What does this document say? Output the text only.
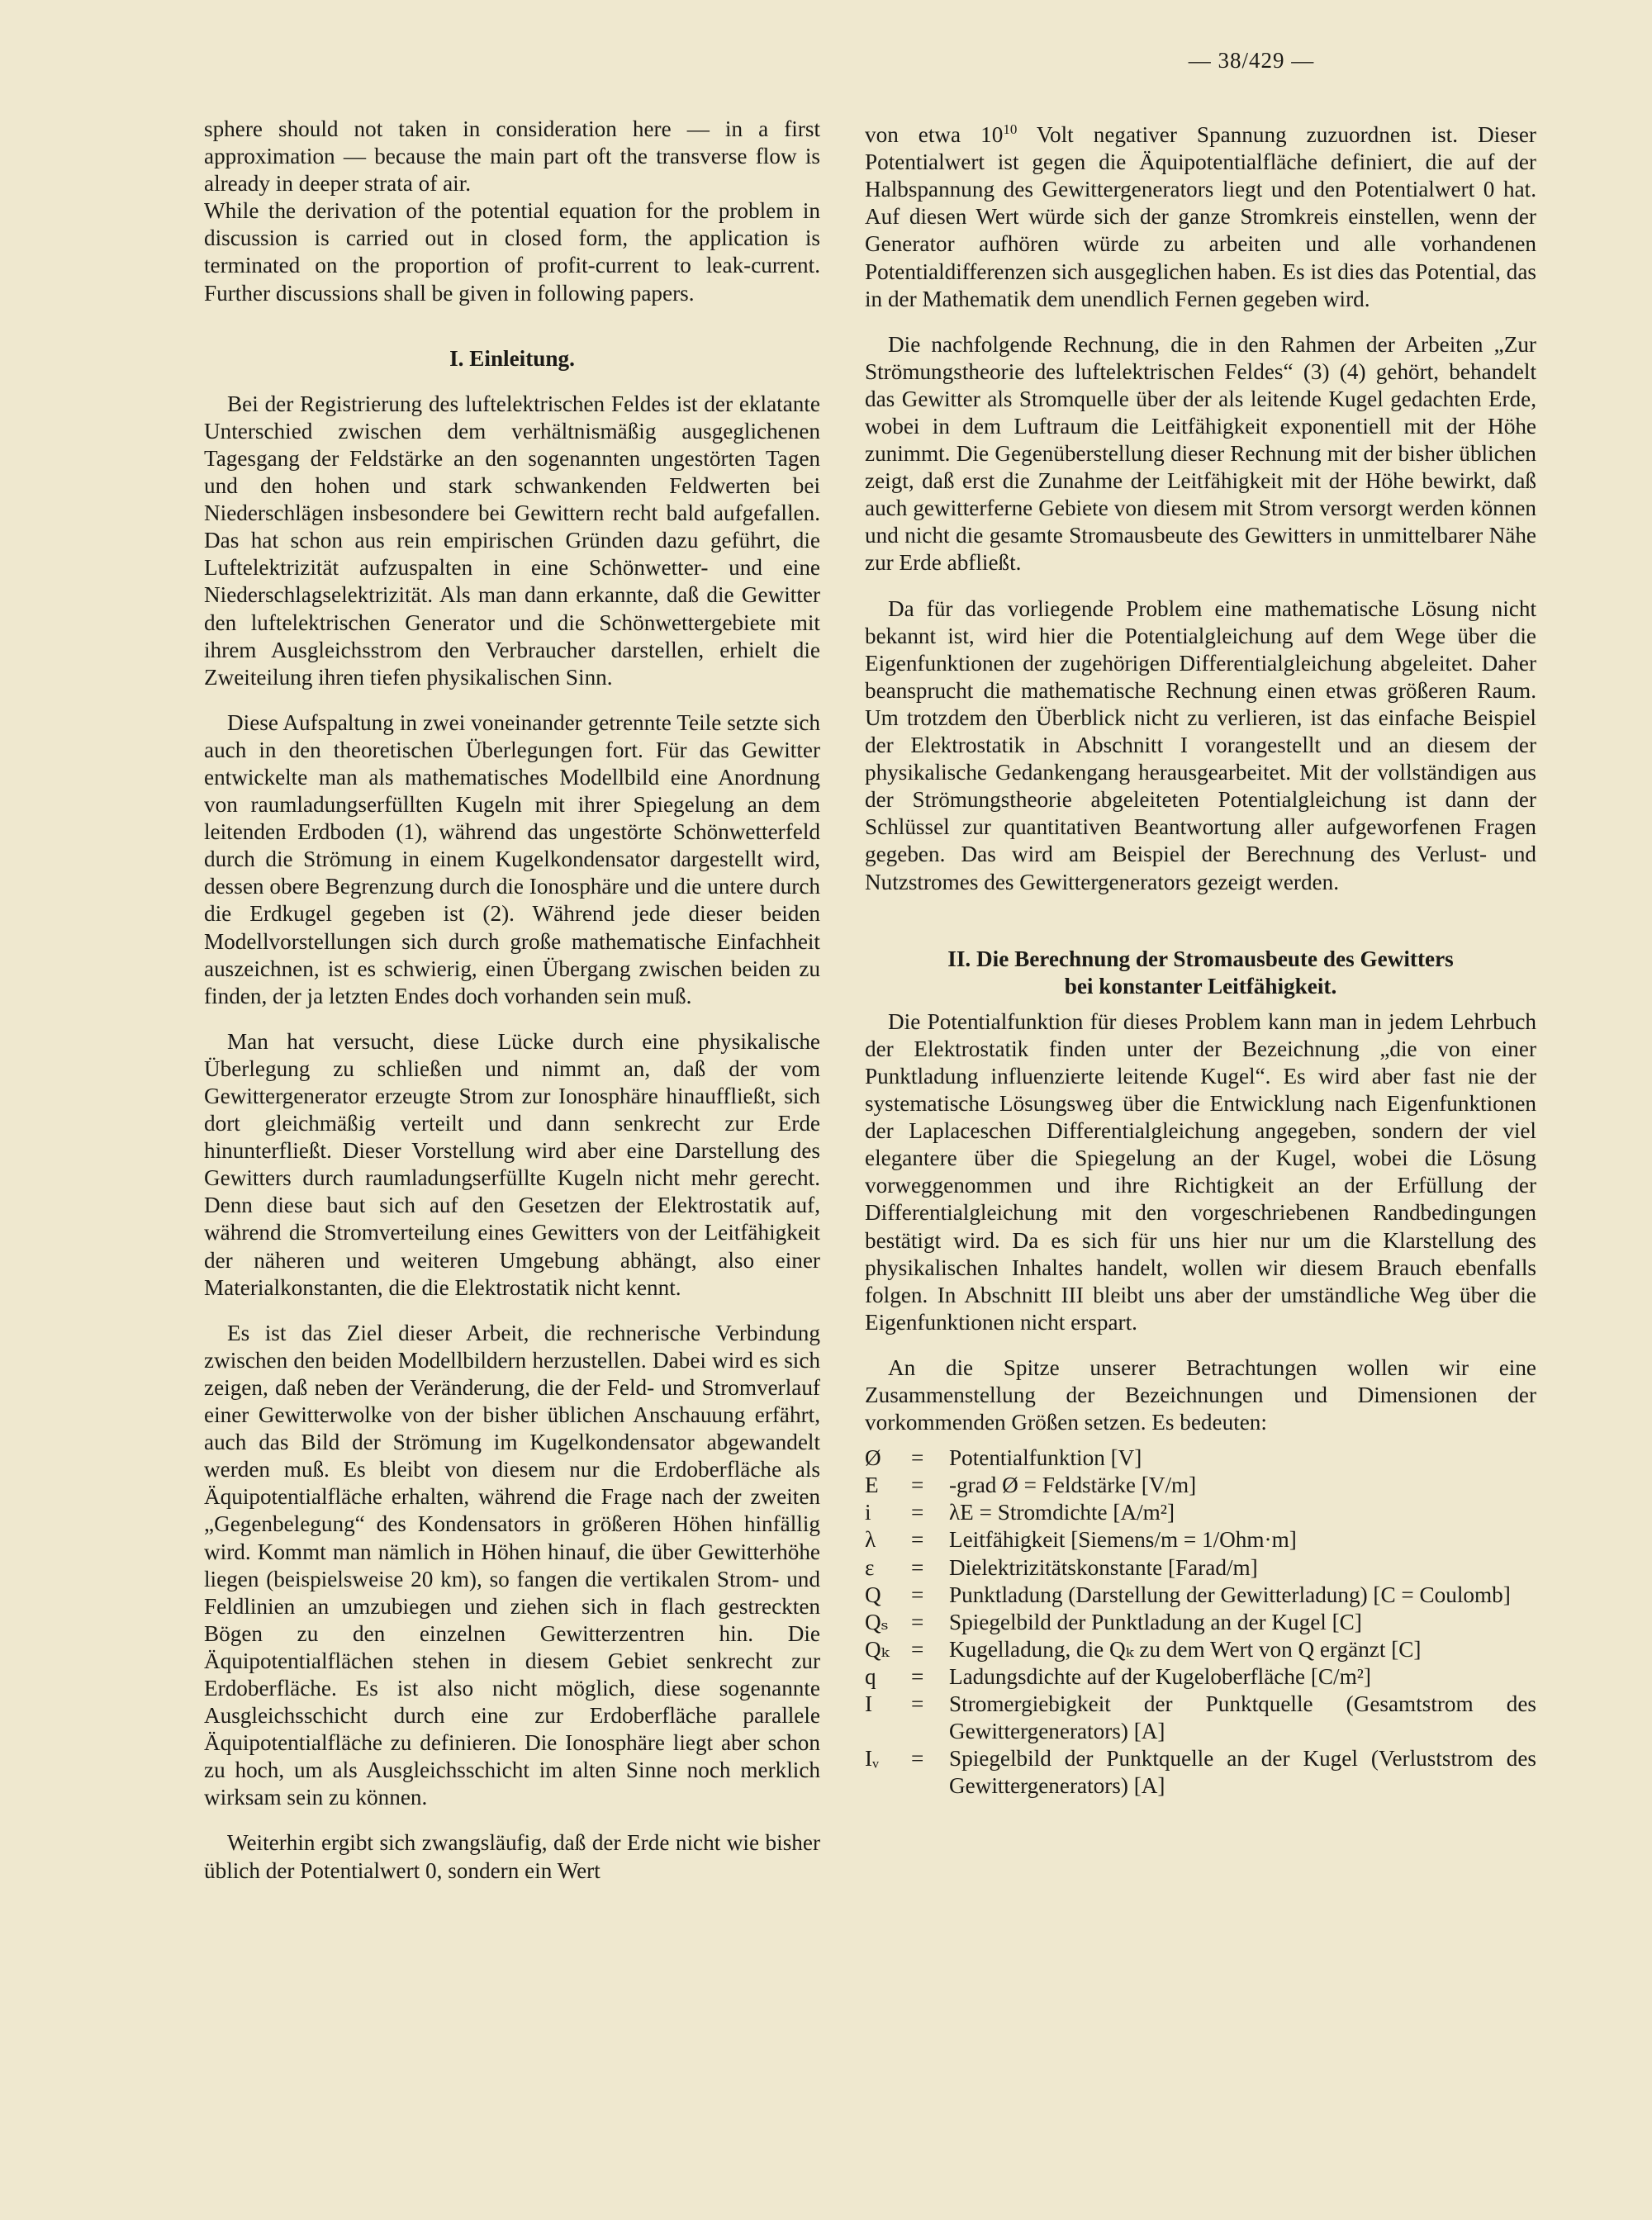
— 38/429 —

sphere should not taken in consideration here — in a first approximation — because the main part oft the transverse flow is already in deeper strata of air.

While the derivation of the potential equation for the problem in discussion is carried out in closed form, the application is terminated on the proportion of profit-current to leak-current. Further discussions shall be given in following papers.

I. Einleitung.

Bei der Registrierung des luftelektrischen Feldes ist der eklatante Unterschied zwischen dem verhältnismäßig ausgeglichenen Tagesgang der Feldstärke an den sogenannten ungestörten Tagen und den hohen und stark schwankenden Feldwerten bei Niederschlägen insbesondere bei Gewittern recht bald aufgefallen. Das hat schon aus rein empirischen Gründen dazu geführt, die Luftelektrizität aufzuspalten in eine Schönwetter- und eine Niederschlagselektrizität. Als man dann erkannte, daß die Gewitter den luftelektrischen Generator und die Schönwettergebiete mit ihrem Ausgleichsstrom den Verbraucher darstellen, erhielt die Zweiteilung ihren tiefen physikalischen Sinn.

Diese Aufspaltung in zwei voneinander getrennte Teile setzte sich auch in den theoretischen Überlegungen fort. Für das Gewitter entwickelte man als mathematisches Modellbild eine Anordnung von raumladungserfüllten Kugeln mit ihrer Spiegelung an dem leitenden Erdboden (1), während das ungestörte Schönwetterfeld durch die Strömung in einem Kugelkondensator dargestellt wird, dessen obere Begrenzung durch die Ionosphäre und die untere durch die Erdkugel gegeben ist (2). Während jede dieser beiden Modellvorstellungen sich durch große mathematische Einfachheit auszeichnen, ist es schwierig, einen Übergang zwischen beiden zu finden, der ja letzten Endes doch vorhanden sein muß.

Man hat versucht, diese Lücke durch eine physikalische Überlegung zu schließen und nimmt an, daß der vom Gewittergenerator erzeugte Strom zur Ionosphäre hinauffließt, sich dort gleichmäßig verteilt und dann senkrecht zur Erde hinunterfließt. Dieser Vorstellung wird aber eine Darstellung des Gewitters durch raumladungserfüllte Kugeln nicht mehr gerecht. Denn diese baut sich auf den Gesetzen der Elektrostatik auf, während die Stromverteilung eines Gewitters von der Leitfähigkeit der näheren und weiteren Umgebung abhängt, also einer Materialkonstanten, die die Elektrostatik nicht kennt.

Es ist das Ziel dieser Arbeit, die rechnerische Verbindung zwischen den beiden Modellbildern herzustellen. Dabei wird es sich zeigen, daß neben der Veränderung, die der Feld- und Stromverlauf einer Gewitterwolke von der bisher üblichen Anschauung erfährt, auch das Bild der Strömung im Kugelkondensator abgewandelt werden muß. Es bleibt von diesem nur die Erdoberfläche als Äquipotentialfläche erhalten, während die Frage nach der zweiten „Gegenbelegung“ des Kondensators in größeren Höhen hinfällig wird. Kommt man nämlich in Höhen hinauf, die über Gewitterhöhe liegen (beispielsweise 20 km), so fangen die vertikalen Strom- und Feldlinien an umzubiegen und ziehen sich in flach gestreckten Bögen zu den einzelnen Gewitterzentren hin. Die Äquipotentialflächen stehen in diesem Gebiet senkrecht zur Erdoberfläche. Es ist also nicht möglich, diese sogenannte Ausgleichsschicht durch eine zur Erdoberfläche parallele Äquipotentialfläche zu definieren. Die Ionosphäre liegt aber schon zu hoch, um als Ausgleichsschicht im alten Sinne noch merklich wirksam sein zu können.

Weiterhin ergibt sich zwangsläufig, daß der Erde nicht wie bisher üblich der Potentialwert 0, sondern ein Wert

von etwa $10^{10}$ Volt negativer Spannung zuzuordnen ist. Dieser Potentialwert ist gegen die Äquipotentialfläche definiert, die auf der Halbspannung des Gewittergenerators liegt und den Potentialwert 0 hat. Auf diesen Wert würde sich der ganze Stromkreis einstellen, wenn der Generator aufhören würde zu arbeiten und alle vorhandenen Potentialdifferenzen sich ausgeglichen haben. Es ist dies das Potential, das in der Mathematik dem unendlich Fernen gegeben wird.

Die nachfolgende Rechnung, die in den Rahmen der Arbeiten „Zur Strömungstheorie des luftelektrischen Feldes“ (3) (4) gehört, behandelt das Gewitter als Stromquelle über der als leitende Kugel gedachten Erde, wobei in dem Luftraum die Leitfähigkeit exponentiell mit der Höhe zunimmt. Die Gegenüberstellung dieser Rechnung mit der bisher üblichen zeigt, daß erst die Zunahme der Leitfähigkeit mit der Höhe bewirkt, daß auch gewitterferne Gebiete von diesem mit Strom versorgt werden können und nicht die gesamte Stromausbeute des Gewitters in unmittelbarer Nähe zur Erde abfließt.

Da für das vorliegende Problem eine mathematische Lösung nicht bekannt ist, wird hier die Potentialgleichung auf dem Wege über die Eigenfunktionen der zugehörigen Differentialgleichung abgeleitet. Daher beansprucht die mathematische Rechnung einen etwas größeren Raum. Um trotzdem den Überblick nicht zu verlieren, ist das einfache Beispiel der Elektrostatik in Abschnitt I vorangestellt und an diesem der physikalische Gedankengang herausgearbeitet. Mit der vollständigen aus der Strömungstheorie abgeleiteten Potentialgleichung ist dann der Schlüssel zur quantitativen Beantwortung aller aufgeworfenen Fragen gegeben. Das wird am Beispiel der Berechnung des Verlust- und Nutzstromes des Gewittergenerators gezeigt werden.

II. Die Berechnung der Stromausbeute des Gewitters

bei konstanter Leitfähigkeit.

Die Potentialfunktion für dieses Problem kann man in jedem Lehrbuch der Elektrostatik finden unter der Bezeichnung „die von einer Punktladung influenzierte leitende Kugel“. Es wird aber fast nie der systematische Lösungsweg über die Entwicklung nach Eigenfunktionen der Laplaceschen Differentialgleichung angegeben, sondern der viel elegantere über die Spiegelung an der Kugel, wobei die Lösung vorweggenommen und ihre Richtigkeit an der Erfüllung der Differentialgleichung mit den vorgeschriebenen Randbedingungen bestätigt wird. Da es sich für uns hier nur um die Klarstellung des physikalischen Inhaltes handelt, wollen wir diesem Brauch ebenfalls folgen. In Abschnitt III bleibt uns aber der umständliche Weg über die Eigenfunktionen nicht erspart.

An die Spitze unserer Betrachtungen wollen wir eine Zusammenstellung der Bezeichnungen und Dimensionen der vorkommenden Größen setzen. Es bedeuten:

Ø	=	Potentialfunktion [V]
E	=	-grad Ø = Feldstärke [V/m]
i	=	λE = Stromdichte [A/m²]
λ	=	Leitfähigkeit [Siemens/m = 1/Ohm·m]
ε	=	Dielektrizitätskonstante [Farad/m]
Q	=	Punktladung (Darstellung der Gewitterladung) [C = Coulomb]
Qₛ	=	Spiegelbild der Punktladung an der Kugel [C]
Qₖ	=	Kugelladung, die Qₖ zu dem Wert von Q ergänzt [C]
q	=	Ladungsdichte auf der Kugeloberfläche [C/m²]
I	=	Stromergiebigkeit der Punktquelle (Gesamtstrom des Gewittergenerators) [A]
Iᵥ	=	Spiegelbild der Punktquelle an der Kugel (Verluststrom des Gewittergenerators) [A]
